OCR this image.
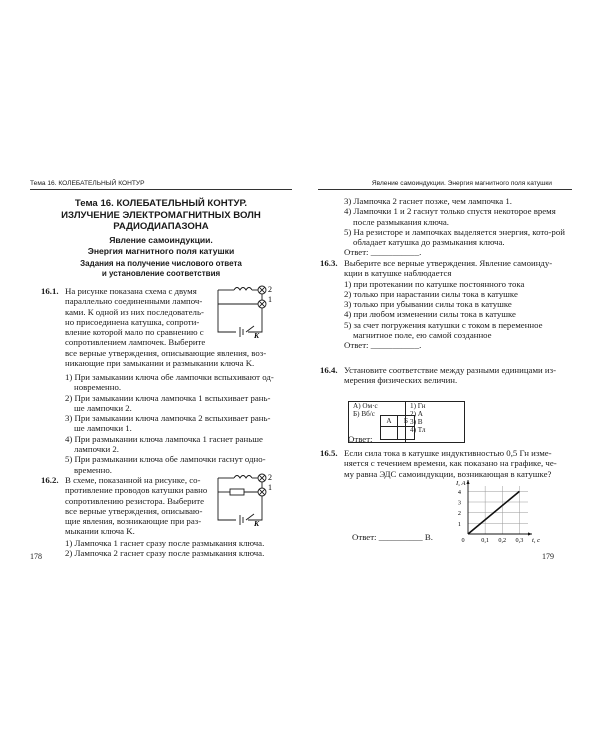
Тема 16. КОЛЕБАТЕЛЬНЫЙ КОНТУР
Тема 16. КОЛЕБАТЕЛЬНЫЙ КОНТУР.
ИЗЛУЧЕНИЕ ЭЛЕКТРОМАГНИТНЫХ ВОЛН
РАДИОДИАПАЗОНА
Явление самоиндукции.
Энергия магнитного поля катушки
Задания на получение числового ответа
и установление соответствия
16.1. На рисунке показана схема с двумя
параллельно соединенными лампоч-
ками. К одной из них последователь-
но присоединена катушка, сопроти-
вление которой мало по сравнению с
сопротивлением лампочек. Выберите
все верные утверждения, описывающие явления, воз-
никающие при замыкании и размыкании ключа K.
2
1
K
1) При замыкании ключа обе лампочки вспыхивают од-новременно.
2) При замыкании ключа лампочка 1 вспыхивает рань-ше лампочки 2.
3) При замыкании ключа лампочка 2 вспыхивает рань-ше лампочки 1.
4) При размыкании ключа лампочка 1 гаснет раньше лампочки 2.
5) При размыкании ключа обе лампочки гаснут одно-временно.
16.2. В схеме, показанной на рисунке, со-
противление проводов катушки равно
сопротивлению резистора. Выберите
все верные утверждения, описываю-
щие явления, возникающие при раз-
мыкании ключа K.
2
1
K
1) Лампочка 1 гаснет сразу после размыкания ключа.
2) Лампочка 2 гаснет сразу после размыкания ключа.
178
Явление самоиндукции. Энергия магнитного поля катушки
3) Лампочка 2 гаснет позже, чем лампочка 1.
4) Лампочки 1 и 2 гаснут только спустя некоторое время после размыкания ключа.
5) На резисторе и лампочках выделяется энергия, кото-рой обладает катушка до размыкания ключа.
Ответ: ___________.
16.3. Выберите все верные утверждения. Явление самоинду-
кции в катушке наблюдается
1) при протекании по катушке постоянного тока
2) только при нарастании силы тока в катушке
3) только при убывании силы тока в катушке
4) при любом изменении силы тока в катушке
5) за счет погружения катушки с током в переменное магнитное поле, ею самой созданное
Ответ: ___________.
16.4. Установите соответствие между разными единицами из-
мерения физических величин.
А) Ом·с
Б) Вб/с

1) Гн
2) А
3) В
4) Тл
А	Б

Ответ:
16.5. Если сила тока в катушке индуктивностью 0,5 Гн изме-
няется с течением времени, как показано на графике, че-
му равна ЭДС самоиндукции, возникающая в катушке?
Ответ: __________ В.
1
2
3
4
0	0,1 0,2 0,3
I, А
t, с
179
